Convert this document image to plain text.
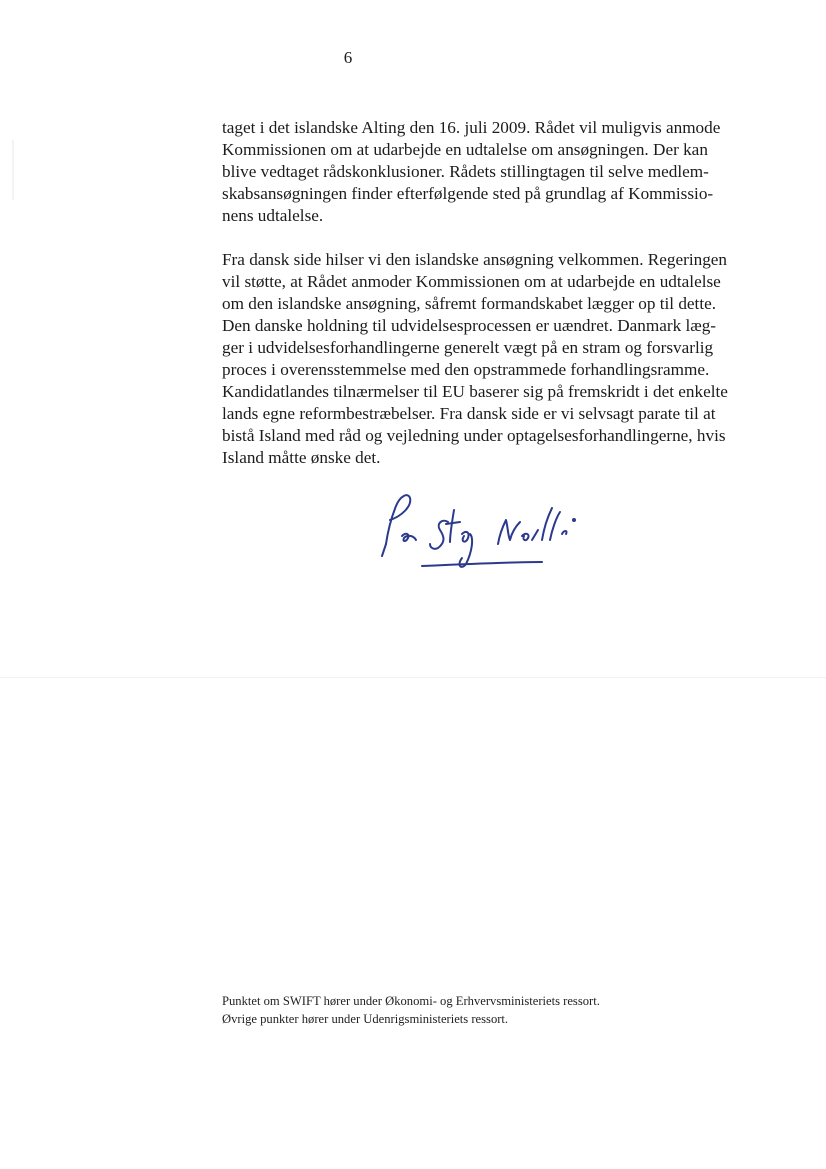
6

taget i det islandske Alting den 16. juli 2009. Rådet vil muligvis anmode
Kommissionen om at udarbejde en udtalelse om ansøgningen. Der kan
blive vedtaget rådskonklusioner. Rådets stillingtagen til selve medlem-
skabsansøgningen finder efterfølgende sted på grundlag af Kommissio-
nens udtalelse.

Fra dansk side hilser vi den islandske ansøgning velkommen. Regeringen
vil støtte, at Rådet anmoder Kommissionen om at udarbejde en udtalelse
om den islandske ansøgning, såfremt formandskabet lægger op til dette.
Den danske holdning til udvidelsesprocessen er uændret. Danmark læg-
ger i udvidelsesforhandlingerne generelt vægt på en stram og forsvarlig
proces i overensstemmelse med den opstrammede forhandlingsramme.
Kandidatlandes tilnærmelser til EU baserer sig på fremskridt i det enkelte
lands egne reformbestræbelser. Fra dansk side er vi selvsagt parate til at
bistå Island med råd og vejledning under optagelsesforhandlingerne, hvis
Island måtte ønske det.

Punktet om SWIFT hører under Økonomi- og Erhvervsministeriets ressort.
Øvrige punkter hører under Udenrigsministeriets ressort.
